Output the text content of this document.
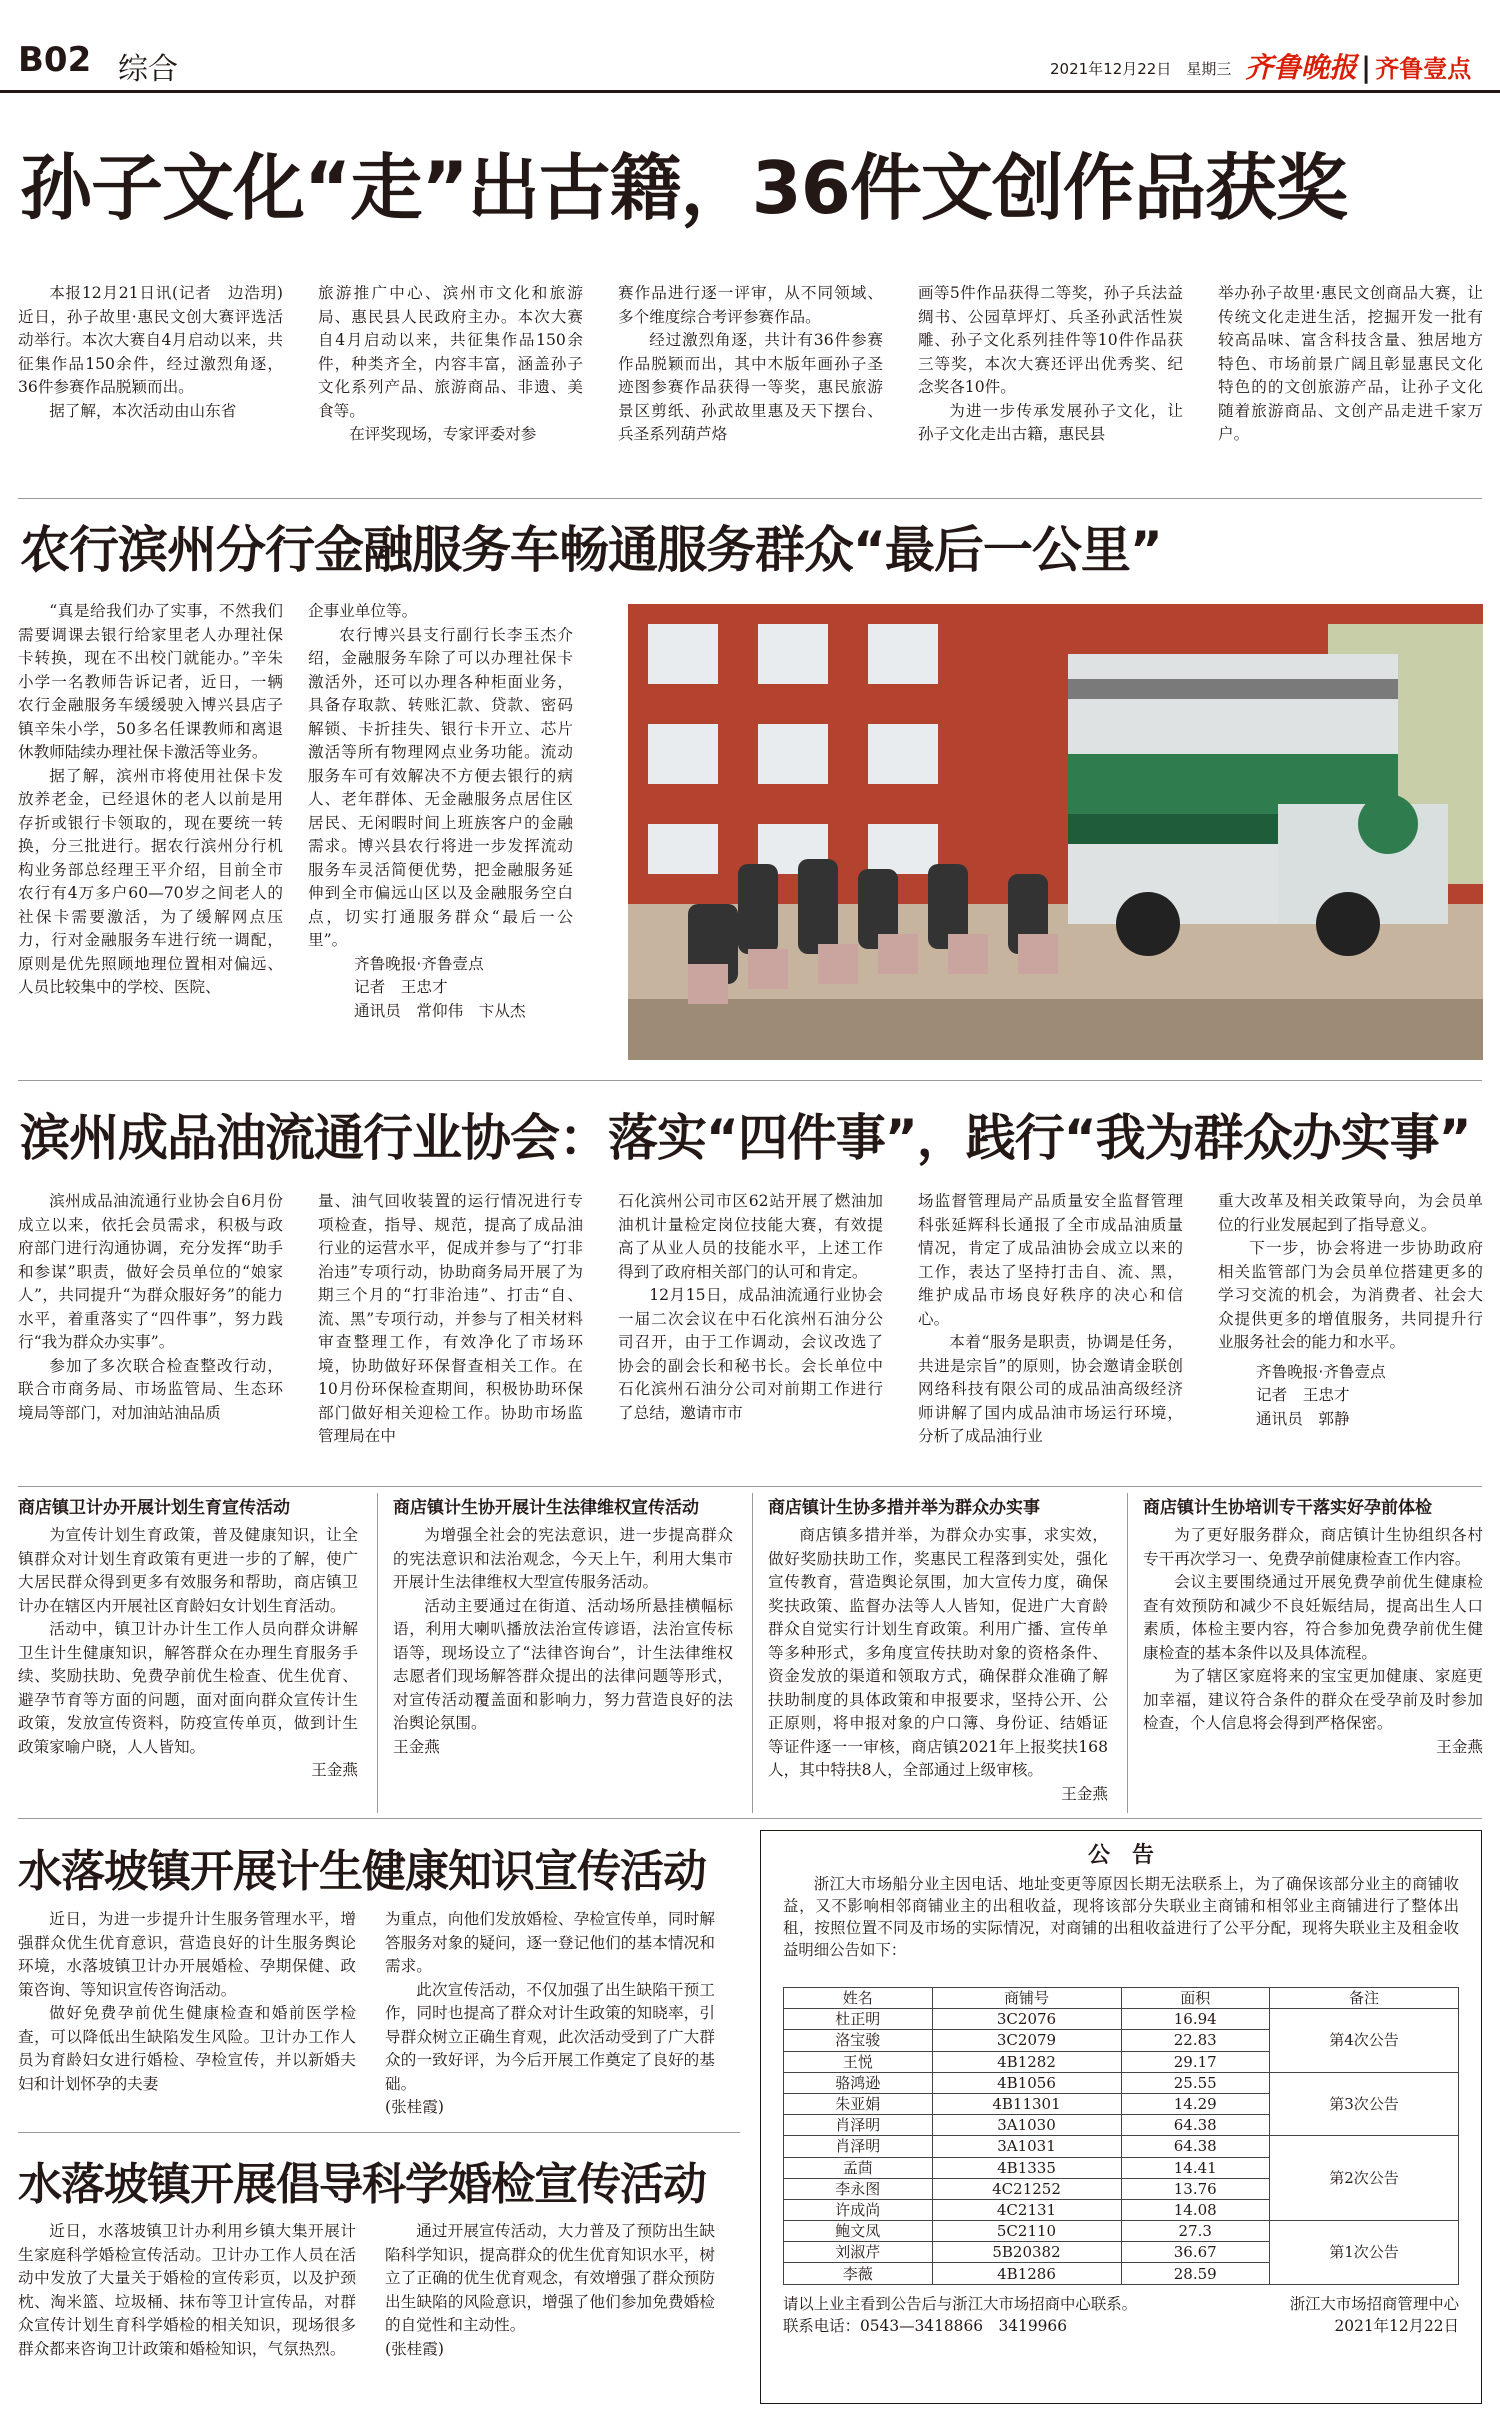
B02 综合	2021年12月22日　 星期三 齐鲁晚报 | 齐鲁壹点
孙子文化“走”出古籍，36件文创作品获奖

本报12月21日讯(记者　边浩玥)　近日，孙子故里·惠民文创大赛评选活动举行。本次大赛自4月启动以来，共征集作品150余件，经过激烈角逐，36件参赛作品脱颖而出。

据了解，本次活动由山东省

旅游推广中心、滨州市文化和旅游局、惠民县人民政府主办。本次大赛自4月启动以来，共征集作品150余件，种类齐全，内容丰富，涵盖孙子文化系列产品、旅游商品、非遗、美食等。

在评奖现场，专家评委对参

赛作品进行逐一评审，从不同领域、多个维度综合考评参赛作品。

经过激烈角逐，共计有36件参赛作品脱颖而出，其中木版年画孙子圣迹图参赛作品获得一等奖，惠民旅游景区剪纸、孙武故里惠及天下摆台、兵圣系列葫芦烙

画等5件作品获得二等奖，孙子兵法益绸书、公园草坪灯、兵圣孙武活性炭雕、孙子文化系列挂件等10件作品获三等奖，本次大赛还评出优秀奖、纪念奖各10件。

为进一步传承发展孙子文化，让孙子文化走出古籍，惠民县

举办孙子故里·惠民文创商品大赛，让传统文化走进生活，挖掘开发一批有较高品味、富含科技含量、独居地方特色、市场前景广阔且彰显惠民文化特色的的文创旅游产品，让孙子文化随着旅游商品、文创产品走进千家万户。

农行滨州分行金融服务车畅通服务群众“最后一公里”

“真是给我们办了实事，不然我们需要调课去银行给家里老人办理社保卡转换，现在不出校门就能办。”辛朱小学一名教师告诉记者，近日，一辆农行金融服务车缓缓驶入博兴县店子镇辛朱小学，50多名任课教师和离退休教师陆续办理社保卡激活等业务。

据了解，滨州市将使用社保卡发放养老金，已经退休的老人以前是用存折或银行卡领取的，现在要统一转换，分三批进行。据农行滨州分行机构业务部总经理王平介绍，目前全市农行有4万多户60—70岁之间老人的社保卡需要激活，为了缓解网点压力，行对金融服务车进行统一调配，原则是优先照顾地理位置相对偏远、人员比较集中的学校、医院、

企事业单位等。

农行博兴县支行副行长李玉杰介绍，金融服务车除了可以办理社保卡激活外，还可以办理各种柜面业务，具备存取款、转账汇款、贷款、密码解锁、卡折挂失、银行卡开立、芯片激活等所有物理网点业务功能。流动服务车可有效解决不方便去银行的病人、老年群体、无金融服务点居住区居民、无闲暇时间上班族客户的金融需求。博兴县农行将进一步发挥流动服务车灵活简便优势，把金融服务延伸到全市偏远山区以及金融服务空白点，切实打通服务群众“最后一公里”。

齐鲁晚报·齐鲁壹点

记者　王忠才

通讯员　常仰伟　卞从杰

滨州成品油流通行业协会：落实“四件事”，践行“我为群众办实事”

滨州成品油流通行业协会自6月份成立以来，依托会员需求，积极与政府部门进行沟通协调，充分发挥“助手和参谋”职责，做好会员单位的“娘家人”，共同提升“为群众服好务”的能力水平，着重落实了“四件事”，努力践行“我为群众办实事”。

参加了多次联合检查整改行动，联合市商务局、市场监管局、生态环境局等部门，对加油站油品质

量、油气回收装置的运行情况进行专项检查，指导、规范，提高了成品油行业的运营水平，促成并参与了“打非治违”专项行动，协助商务局开展了为期三个月的“打非治违”、打击“自、流、黑”专项行动，并参与了相关材料审查整理工作，有效净化了市场环境，协助做好环保督查相关工作。在10月份环保检查期间，积极协助环保部门做好相关迎检工作。协助市场监管理局在中

石化滨州公司市区62站开展了燃油加油机计量检定岗位技能大赛，有效提高了从业人员的技能水平，上述工作得到了政府相关部门的认可和肯定。

12月15日，成品油流通行业协会一届二次会议在中石化滨州石油分公司召开，由于工作调动，会议改选了协会的副会长和秘书长。会长单位中石化滨州石油分公司对前期工作进行了总结，邀请市市

场监督管理局产品质量安全监督管理科张延辉科长通报了全市成品油质量情况，肯定了成品油协会成立以来的工作，表达了坚持打击自、流、黑，维护成品市场良好秩序的决心和信心。

本着“服务是职责，协调是任务，共进是宗旨”的原则，协会邀请金联创网络科技有限公司的成品油高级经济师讲解了国内成品油市场运行环境，分析了成品油行业

重大改革及相关政策导向，为会员单位的行业发展起到了指导意义。

下一步，协会将进一步协助政府相关监管部门为会员单位搭建更多的学习交流的机会，为消费者、社会大众提供更多的增值服务，共同提升行业服务社会的能力和水平。

齐鲁晚报·齐鲁壹点

记者　王忠才

通讯员　郭静

商店镇卫计办开展计划生育宣传活动

为宣传计划生育政策，普及健康知识，让全镇群众对计划生育政策有更进一步的了解，使广大居民群众得到更多有效服务和帮助，商店镇卫计办在辖区内开展社区育龄妇女计划生育活动。

活动中，镇卫计办计生工作人员向群众讲解卫生计生健康知识，解答群众在办理生育服务手续、奖励扶助、免费孕前优生检查、优生优育、避孕节育等方面的问题，面对面向群众宣传计生政策，发放宣传资料，防疫宣传单页，做到计生政策家喻户晓，人人皆知。

王金燕

商店镇计生协开展计生法律维权宣传活动

为增强全社会的宪法意识，进一步提高群众的宪法意识和法治观念，今天上午，利用大集市开展计生法律维权大型宣传服务活动。

活动主要通过在街道、活动场所悬挂横幅标语，利用大喇叭播放法治宣传谚语，法治宣传标语等，现场设立了“法律咨询台”，计生法律维权志愿者们现场解答群众提出的法律问题等形式，对宣传活动覆盖面和影响力，努力营造良好的法治舆论氛围。

王金燕

商店镇计生协多措并举为群众办实事

商店镇多措并举，为群众办实事，求实效，做好奖励扶助工作，奖惠民工程落到实处，强化宣传教育，营造舆论氛围，加大宣传力度，确保奖扶政策、监督办法等人人皆知，促进广大育龄群众自觉实行计划生育政策。利用广播、宣传单等多种形式，多角度宣传扶助对象的资格条件、资金发放的渠道和领取方式，确保群众准确了解扶助制度的具体政策和申报要求，坚持公开、公正原则，将申报对象的户口簿、身份证、结婚证等证件逐一一审核，商店镇2021年上报奖扶168人，其中特扶8人，全部通过上级审核。

王金燕

商店镇计生协培训专干落实好孕前体检

为了更好服务群众，商店镇计生协组织各村专干再次学习一、免费孕前健康检查工作内容。

会议主要围绕通过开展免费孕前优生健康检查有效预防和减少不良妊娠结局，提高出生人口素质，体检主要内容，符合参加免费孕前优生健康检查的基本条件以及具体流程。

为了辖区家庭将来的宝宝更加健康、家庭更加幸福，建议符合条件的群众在受孕前及时参加检查，个人信息将会得到严格保密。

王金燕

水落坡镇开展计生健康知识宣传活动

近日，为进一步提升计生服务管理水平，增强群众优生优育意识，营造良好的计生服务舆论环境，水落坡镇卫计办开展婚检、孕期保健、政策咨询、等知识宣传咨询活动。

做好免费孕前优生健康检查和婚前医学检查，可以降低出生缺陷发生风险。卫计办工作人员为育龄妇女进行婚检、孕检宣传，并以新婚夫妇和计划怀孕的夫妻

为重点，向他们发放婚检、孕检宣传单，同时解答服务对象的疑问，逐一登记他们的基本情况和需求。

此次宣传活动，不仅加强了出生缺陷干预工作，同时也提高了群众对计生政策的知晓率，引导群众树立正确生育观，此次活动受到了广大群众的一致好评，为今后开展工作奠定了良好的基础。

(张桂霞)

水落坡镇开展倡导科学婚检宣传活动

近日，水落坡镇卫计办利用乡镇大集开展计生家庭科学婚检宣传活动。卫计办工作人员在活动中发放了大量关于婚检的宣传彩页，以及护颈枕、淘米篮、垃圾桶、抹布等卫计宣传品，对群众宣传计划生育科学婚检的相关知识，现场很多群众都来咨询卫计政策和婚检知识，气氛热烈。

通过开展宣传活动，大力普及了预防出生缺陷科学知识，提高群众的优生优育知识水平，树立了正确的优生优育观念，有效增强了群众预防出生缺陷的风险意识，增强了他们参加免费婚检的自觉性和主动性。

(张桂霞)

公　告
浙江大市场船分业主因电话、地址变更等原因长期无法联系上，为了确保该部分业主的商铺收益，又不影响相邻商铺业主的出租收益，现将该部分失联业主商铺和相邻业主商铺进行了整体出租，按照位置不同及市场的实际情况，对商铺的出租收益进行了公平分配，现将失联业主及租金收益明细公告如下：
姓名	商铺号	面积	备注
杜正明	3C2076	16.94	第4次公告
洛宝骏	3C2079	22.83	
王悦	4B1282	29.17	
骆鸿逊	4B1056	25.55	第3次公告
朱亚娟	4B11301	14.29	
肖泽明	3A1030	64.38	
肖泽明	3A1031	64.38	第2次公告
孟茴	4B1335	14.41	
李永图	4C21252	13.76	
许成尚	4C2131	14.08	
鲍文凤	5C2110	27.3	第1次公告
刘淑芹	5B20382	36.67	
李薇	4B1286	28.59	
请以上业主看到公告后与浙江大市场招商中心联系。
联系电话：0543—3418866　3419966
浙江大市场招商管理中心
2021年12月22日
